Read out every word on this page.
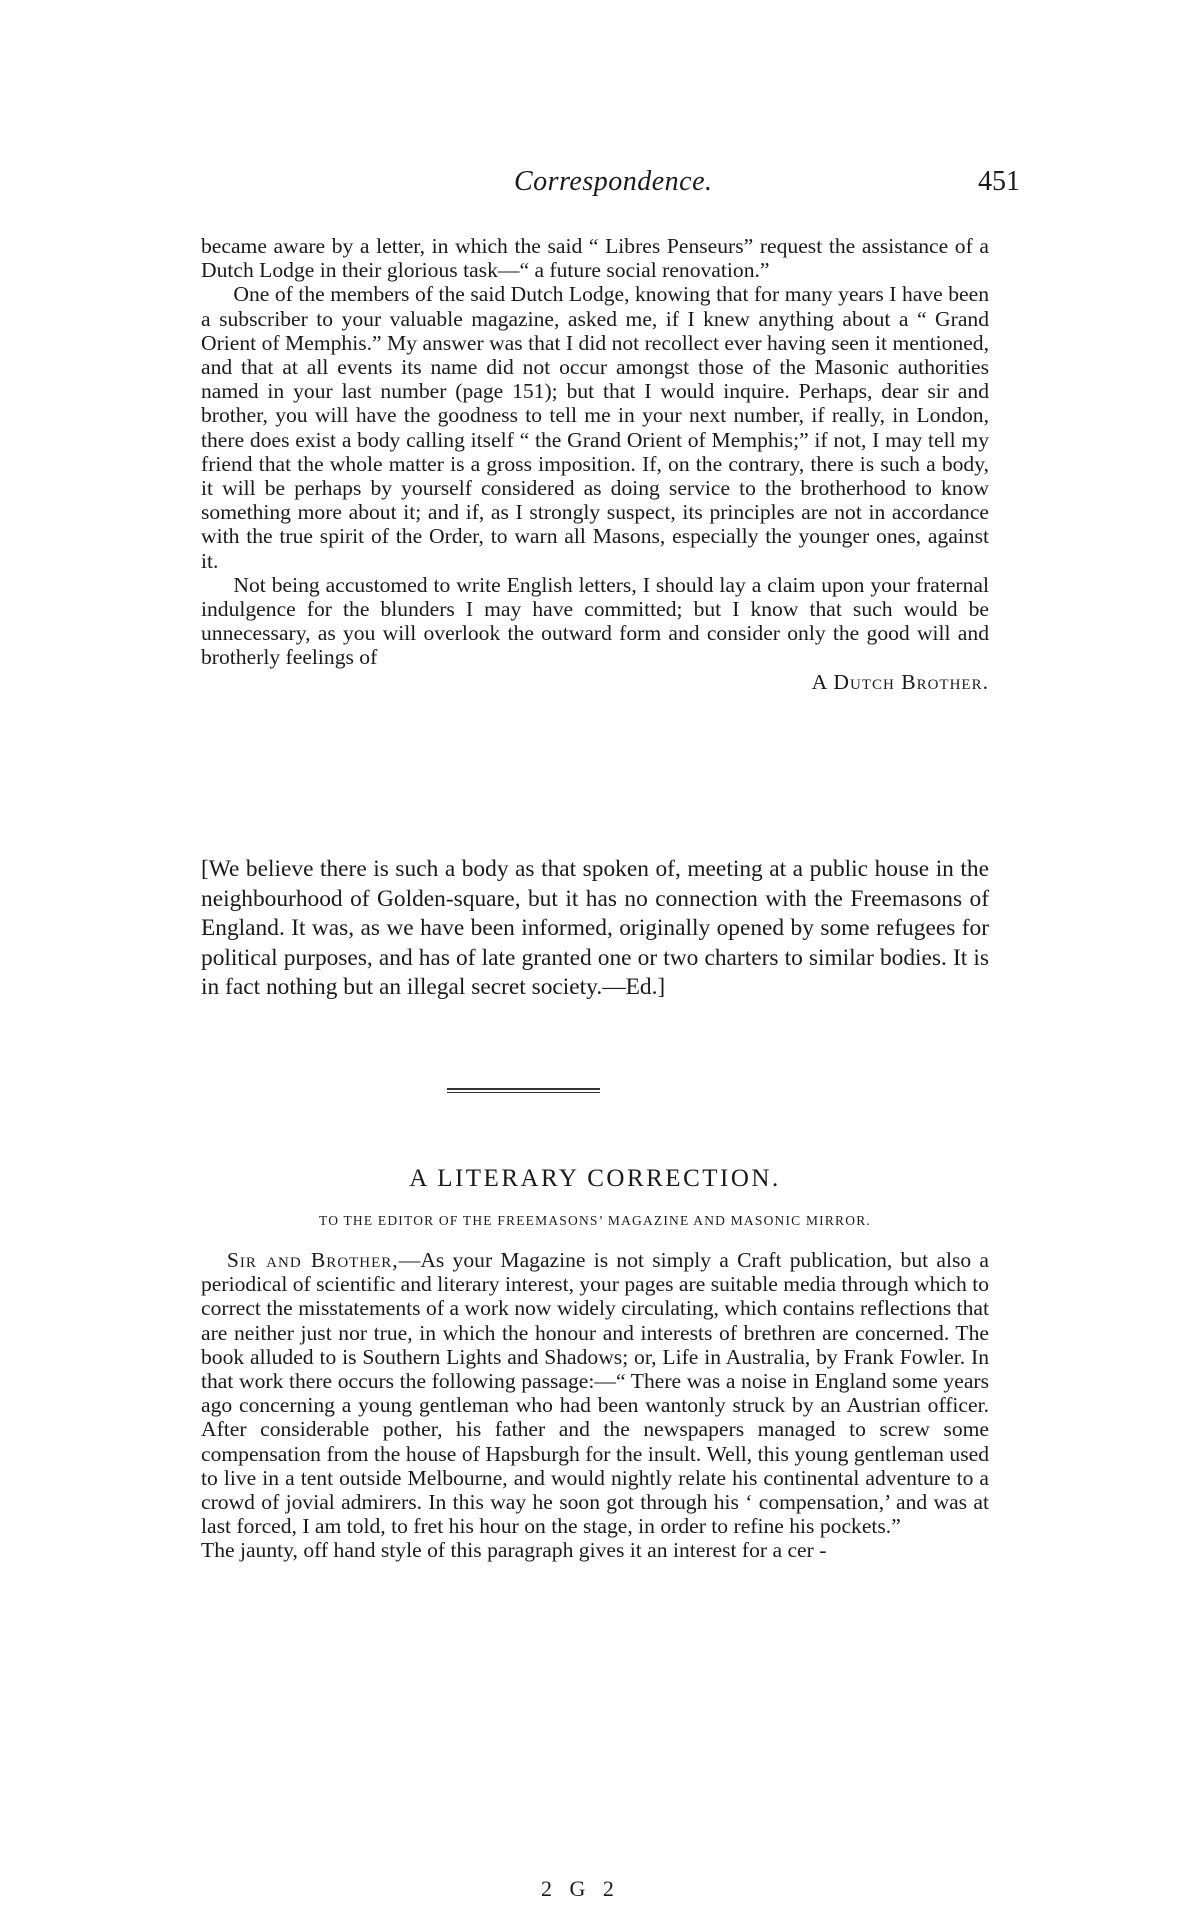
Correspondence.	451

became aware by a letter, in which the said “ Libres Penseurs” request the assistance of a Dutch Lodge in their glorious task—“ a future social renovation.”

One of the members of the said Dutch Lodge, knowing that for many years I have been a subscriber to your valuable magazine, asked me, if I knew anything about a “ Grand Orient of Memphis.” My answer was that I did not recollect ever having seen it mentioned, and that at all events its name did not occur amongst those of the Masonic authorities named in your last number (page 151); but that I would inquire. Perhaps, dear sir and brother, you will have the goodness to tell me in your next number, if really, in London, there does exist a body calling itself “ the Grand Orient of Memphis;” if not, I may tell my friend that the whole matter is a gross imposition. If, on the contrary, there is such a body, it will be perhaps by yourself considered as doing service to the brotherhood to know something more about it; and if, as I strongly suspect, its principles are not in accordance with the true spirit of the Order, to warn all Masons, especially the younger ones, against it.

Not being accustomed to write English letters, I should lay a claim upon your fraternal indulgence for the blunders I may have committed; but I know that such would be unnecessary, as you will overlook the outward form and consider only the good will and brotherly feelings of

A Dutch Brother.

[We believe there is such a body as that spoken of, meeting at a public house in the neighbourhood of Golden-square, but it has no connection with the Freemasons of England. It was, as we have been informed, originally opened by some refugees for political purposes, and has of late granted one or two charters to similar bodies. It is in fact nothing but an illegal secret society.—Ed.]

A LITERARY CORRECTION.
TO THE EDITOR OF THE FREEMASONS’ MAGAZINE AND MASONIC MIRROR.

Sir and Brother,—As your Magazine is not simply a Craft publication, but also a periodical of scientific and literary interest, your pages are suitable media through which to correct the misstatements of a work now widely circulating, which contains reflections that are neither just nor true, in which the honour and interests of brethren are concerned. The book alluded to is Southern Lights and Shadows; or, Life in Australia, by Frank Fowler. In that work there occurs the following passage:—“ There was a noise in England some years ago concerning a young gentleman who had been wantonly struck by an Austrian officer. After considerable pother, his father and the newspapers managed to screw some compensation from the house of Hapsburgh for the insult. Well, this young gentleman used to live in a tent outside Melbourne, and would nightly relate his continental adventure to a crowd of jovial admirers. In this way he soon got through his ‘ compensation,’ and was at last forced, I am told, to fret his hour on the stage, in order to refine his pockets.”

The jaunty, off hand style of this paragraph gives it an interest for a cer -

2 G 2
